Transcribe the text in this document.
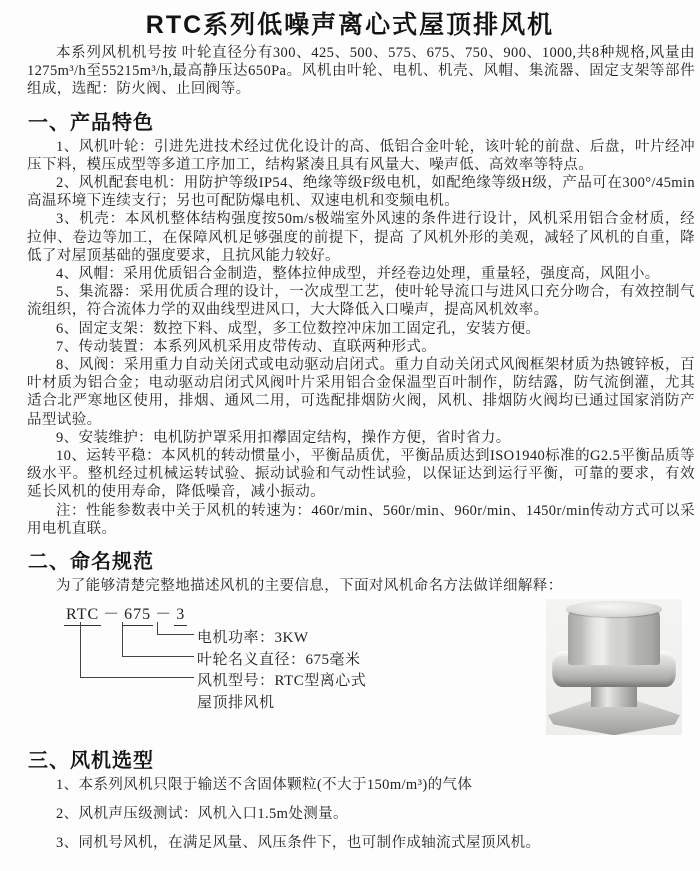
RTC系列低噪声离心式屋顶排风机

本系列风机机号按 叶轮直径分有300、425、500、575、675、750、900、1000,共8种规格,风量由1275m³/h至55215m³/h,最高静压达650Pa。风机由叶轮、电机、机壳、风帽、集流器、固定支架等部件组成，选配：防火阀、止回阀等。

一、产品特色

1、风机叶轮：引进先进技术经过优化设计的高、低铝合金叶轮，该叶轮的前盘、后盘，叶片经冲压下料，模压成型等多道工序加工，结构紧凑且具有风量大、噪声低、高效率等特点。

2、风机配套电机：用防护等级IP54、绝缘等级F级电机，如配绝缘等级H级，产品可在300°/45min高温环境下连续支行；另也可配防爆电机、双速电机和变频电机。

3、机壳：本风机整体结构强度按50m/s极端室外风速的条件进行设计，风机采用铝合金材质，经拉伸、卷边等加工，在保障风机足够强度的前提下，提高 了风机外形的美观，减轻了风机的自重，降低了对屋顶基础的强度要求，且抗风能力较好。

4、风帽：采用优质铝合金制造，整体拉伸成型，并经卷边处理，重量轻，强度高，风阻小。

5、集流器：采用优质合理的设计，一次成型工艺，使叶轮导流口与进风口充分吻合，有效控制气流组织，符合流体力学的双曲线型进风口，大大降低入口噪声，提高风机效率。

6、固定支架：数控下料、成型，多工位数控冲床加工固定孔，安装方便。

7、传动装置：本系列风机采用皮带传动、直联两种形式。

8、风阀：采用重力自动关闭式或电动驱动启闭式。重力自动关闭式风阀框架材质为热镀锌板，百叶材质为铝合金；电动驱动启闭式风阀叶片采用铝合金保温型百叶制作，防结露，防气流倒灌，尤其适合北严寒地区使用，排烟、通风二用，可选配排烟防火阀，风机、排烟防火阀均已通过国家消防产品型试验。

9、安装维护：电机防护罩采用扣襻固定结构，操作方便，省时省力。

10、运转平稳：本风机的转动惯量小，平衡品质优，平衡品质达到ISO1940标准的G2.5平衡品质等级水平。整机经过机械运转试验、振动试验和气动性试验，以保证达到运行平衡，可靠的要求，有效延长风机的使用寿命，降低噪音，减小振动。

注：性能参数表中关于风机的转速为：460r/min、560r/min、960r/min、1450r/min传动方式可以采用电机直联。

二、命名规范

为了能够清楚完整地描述风机的主要信息，下面对风机命名方法做详细解释：

RTC － 675 － 3
电机功率：3KW
叶轮名义直径：675毫米
风机型号：RTC型离心式
屋顶排风机
三、风机选型

1、本系列风机只限于输送不含固体颗粒(不大于150m/m³)的气体

2、风机声压级测试：风机入口1.5m处测量。

3、同机号风机，在满足风量、风压条件下，也可制作成轴流式屋顶风机。
